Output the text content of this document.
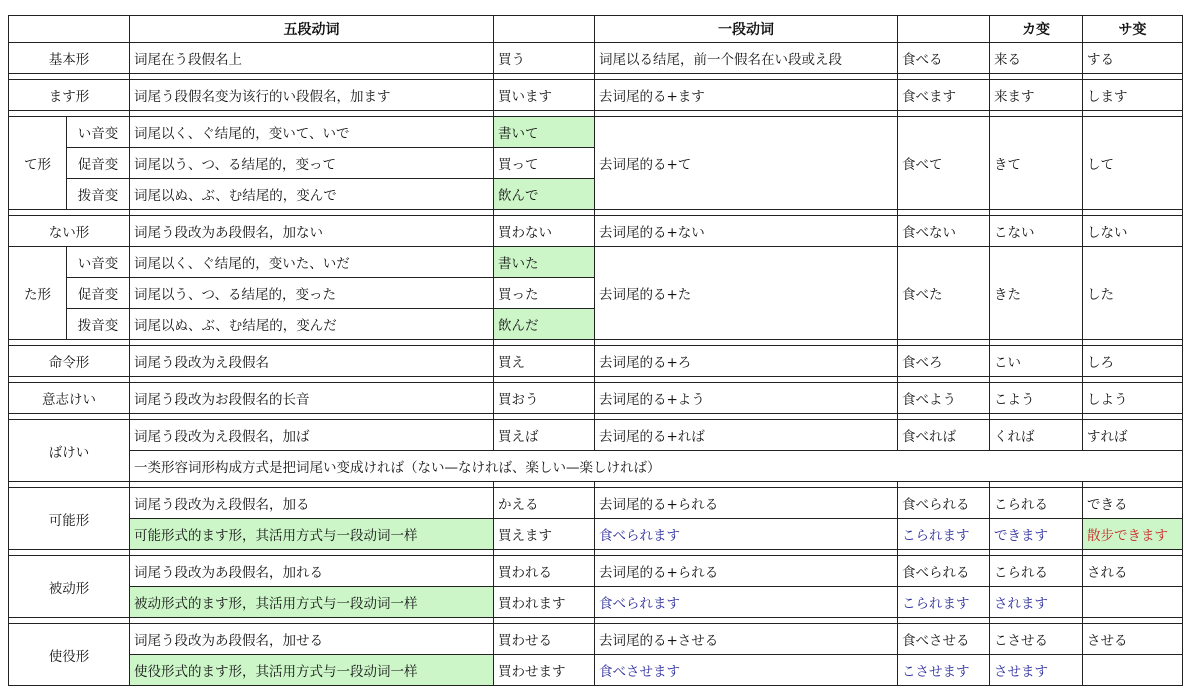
		五段动词		一段动词		カ变	サ变
基本形		词尾在う段假名上	買う	词尾以る结尾，前一个假名在い段或え段	食べる	来る	する

ます形		词尾う段假名变为该行的い段假名，加ます	買います	去词尾的る+ます	食べます	来ます	します

て形	い音变	词尾以く、ぐ结尾的，变いて、いで	書いて	去词尾的る+て	食べて	きて	して
	促音变	词尾以う、つ、る结尾的，变って	買って				
	拨音变	词尾以ぬ、ぶ、む结尾的，变んで	飲んで				

ない形		词尾う段改为あ段假名，加ない	買わない	去词尾的る+ない	食べない	こない	しない
た形	い音变	词尾以く、ぐ结尾的，变いた、いだ	書いた	去词尾的る+た	食べた	きた	した
	促音变	词尾以う、つ、る结尾的，变った	買った				
	拨音变	词尾以ぬ、ぶ、む结尾的，变んだ	飲んだ				

命令形		词尾う段改为え段假名	買え	去词尾的る+ろ	食べろ	こい	しろ

意志けい		词尾う段改为お段假名的长音	買おう	去词尾的る+よう	食べよう	こよう	しよう

ばけい		词尾う段改为え段假名，加ば	買えば	去词尾的る+れば	食べれば	くれば	すれば
		一类形容词形构成方式是把词尾い变成ければ（ない—なければ、楽しい—楽しければ）					

可能形		词尾う段改为え段假名，加る	かえる	去词尾的る+られる	食べられる	こられる	できる
		可能形式的ます形，其活用方式与一段动词一样	買えます	食べられます	こられます	できます	散步できます

被动形		词尾う段改为あ段假名，加れる	買われる	去词尾的る+られる	食べられる	こられる	される
		被动形式的ます形，其活用方式与一段动词一样	買われます	食べられます	こられます	されます	

使役形		词尾う段改为あ段假名，加せる	買わせる	去词尾的る+させる	食べさせる	こさせる	させる
		使役形式的ます形，其活用方式与一段动词一样	買わせます	食べさせます	こさせます	させます	
